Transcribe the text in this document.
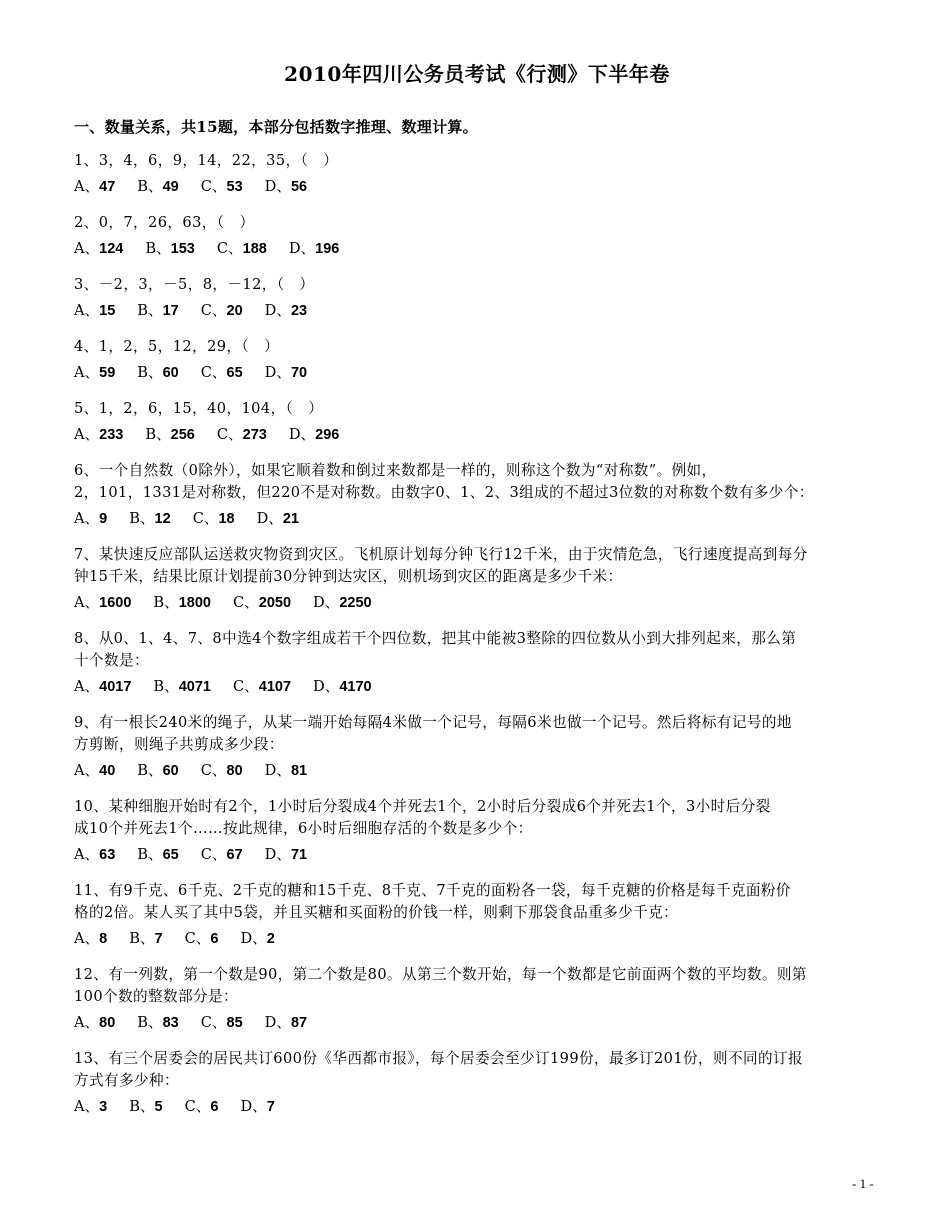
2010年四川公务员考试《行测》下半年卷
一、数量关系，共15题，本部分包括数字推理、数理计算。
1、3，4，6，9，14，22，35，（　）
A、47 B、49 C、53 D、56
2、0，7，26，63，（　）
A、124 B、153 C、188 D、196
3、－2，3，－5，8，－12，（　）
A、15 B、17 C、20 D、23
4、1，2，5，12，29，（　）
A、59 B、60 C、65 D、70
5、1，2，6，15，40，104，（　）
A、233 B、256 C、273 D、296
6、一个自然数（0除外），如果它顺着数和倒过来数都是一样的，则称这个数为“对称数”。例如，
2，101，1331是对称数，但220不是对称数。由数字0、1、2、3组成的不超过3位数的对称数个数有多少个：
A、9 B、12 C、18 D、21
7、某快速反应部队运送救灾物资到灾区。飞机原计划每分钟飞行12千米，由于灾情危急，飞行速度提高到每分
钟15千米，结果比原计划提前30分钟到达灾区，则机场到灾区的距离是多少千米：
A、1600 B、1800 C、2050 D、2250
8、从0、1、4、7、8中选4个数字组成若干个四位数，把其中能被3整除的四位数从小到大排列起来，那么第
十个数是：
A、4017 B、4071 C、4107 D、4170
9、有一根长240米的绳子，从某一端开始每隔4米做一个记号，每隔6米也做一个记号。然后将标有记号的地
方剪断，则绳子共剪成多少段：
A、40 B、60 C、80 D、81
10、某种细胞开始时有2个，1小时后分裂成4个并死去1个，2小时后分裂成6个并死去1个，3小时后分裂
成10个并死去1个……按此规律，6小时后细胞存活的个数是多少个：
A、63 B、65 C、67 D、71
11、有9千克、6千克、2千克的糖和15千克、8千克、7千克的面粉各一袋，每千克糖的价格是每千克面粉价
格的2倍。某人买了其中5袋，并且买糖和买面粉的价钱一样，则剩下那袋食品重多少千克：
A、8 B、7 C、6 D、2
12、有一列数，第一个数是90，第二个数是80。从第三个数开始，每一个数都是它前面两个数的平均数。则第
100个数的整数部分是：
A、80 B、83 C、85 D、87
13、有三个居委会的居民共订600份《华西都市报》，每个居委会至少订199份，最多订201份，则不同的订报
方式有多少种：
A、3 B、5 C、6 D、7
- 1 -
